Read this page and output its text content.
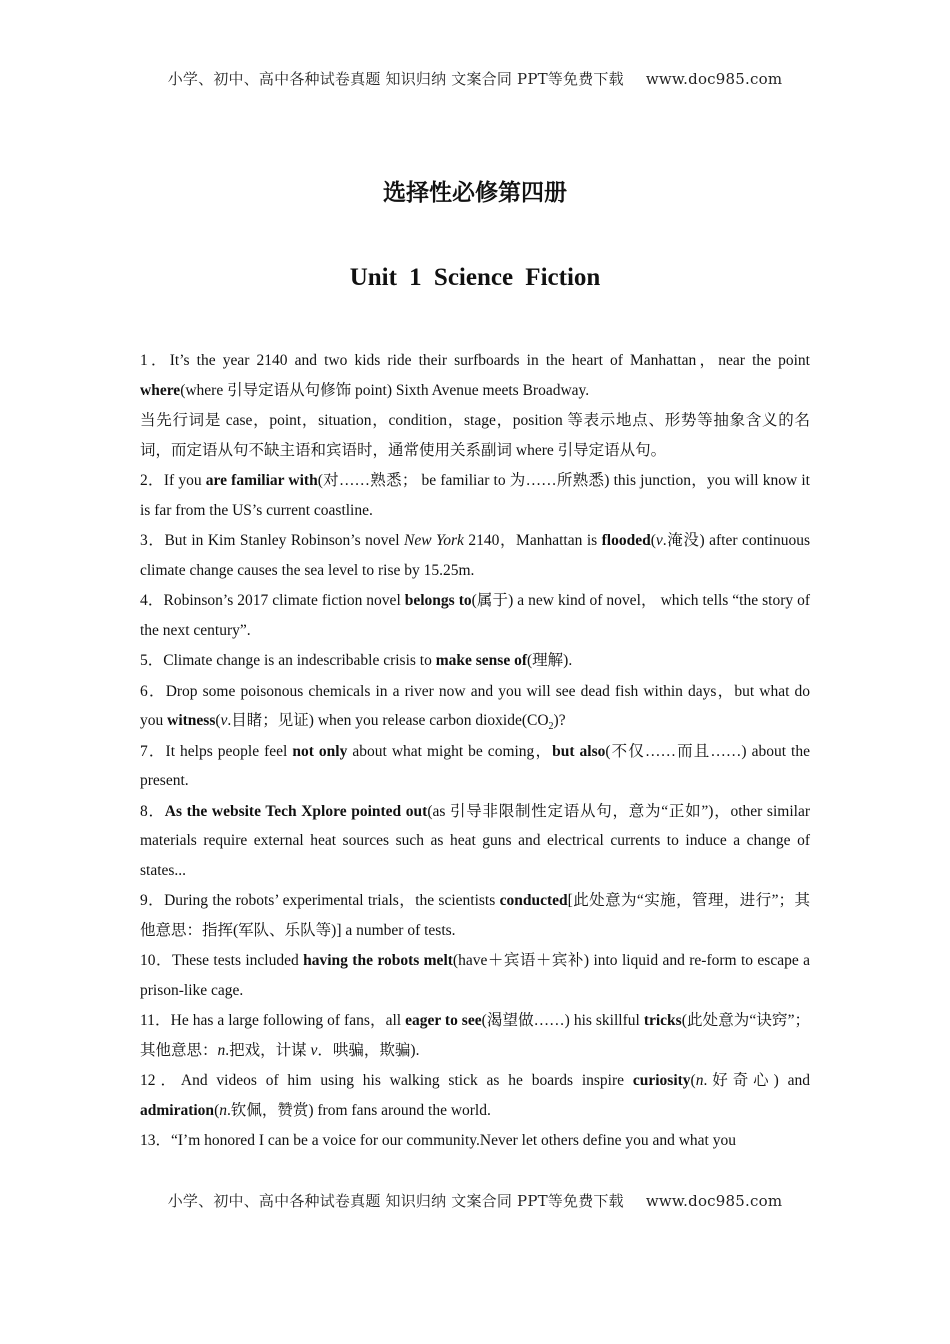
小学、初中、高中各种试卷真题 知识归纳 文案合同 PPT等免费下载 www.doc985.com
选择性必修第四册
Unit 1 Science Fiction

1．It’s the year 2140 and two kids ride their surfboards in the heart of Manhattan，near the point where(where 引导定语从句修饰 point) Sixth Avenue meets Broadway.

当先行词是 case，point，situation，condition，stage，position 等表示地点、形势等抽象含义的名词，而定语从句不缺主语和宾语时，通常使用关系副词 where 引导定语从句。

2．If you are familiar with(对……熟悉； be familiar to 为……所熟悉) this junction，you will know it is far from the US’s current coastline.

3．But in Kim Stanley Robinson’s novel New York 2140，Manhattan is flooded(v.淹没) after continuous climate change causes the sea level to rise by 15.25m.

4．Robinson’s 2017 climate fiction novel belongs to(属于) a new kind of novel， which tells “the story of the next century”.

5．Climate change is an indescribable crisis to make sense of(理解).

6．Drop some poisonous chemicals in a river now and you will see dead fish within days，but what do you witness(v.目睹；见证) when you release carbon $dioxide(CO_2)$?

7．It helps people feel not only about what might be coming，but also(不仅……而且……) about the present.

8．As the website Tech Xplore pointed out(as 引导非限制性定语从句，意为“正如”)，other similar materials require external heat sources such as heat guns and electrical currents to induce a change of states...

9．During the robots’ experimental trials，the scientists conducted[此处意为“实施，管理，进行”；其他意思：指挥(军队、乐队等)] a number of tests.

10．These tests included having the robots melt(have＋宾语＋宾补) into liquid and re-form to escape a prison-like cage.

11．He has a large following of fans，all eager to see(渴望做……) his skillful tricks(此处意为“诀窍”；其他意思：n.把戏，计谋 v．哄骗，欺骗).

12．And videos of him using his walking stick as he boards inspire curiosity(n.好奇心) and admiration(n.钦佩，赞赏) from fans around the world.

13．“I’m honored I can be a voice for our community.Never let others define you and what you

小学、初中、高中各种试卷真题 知识归纳 文案合同 PPT等免费下载 www.doc985.com
